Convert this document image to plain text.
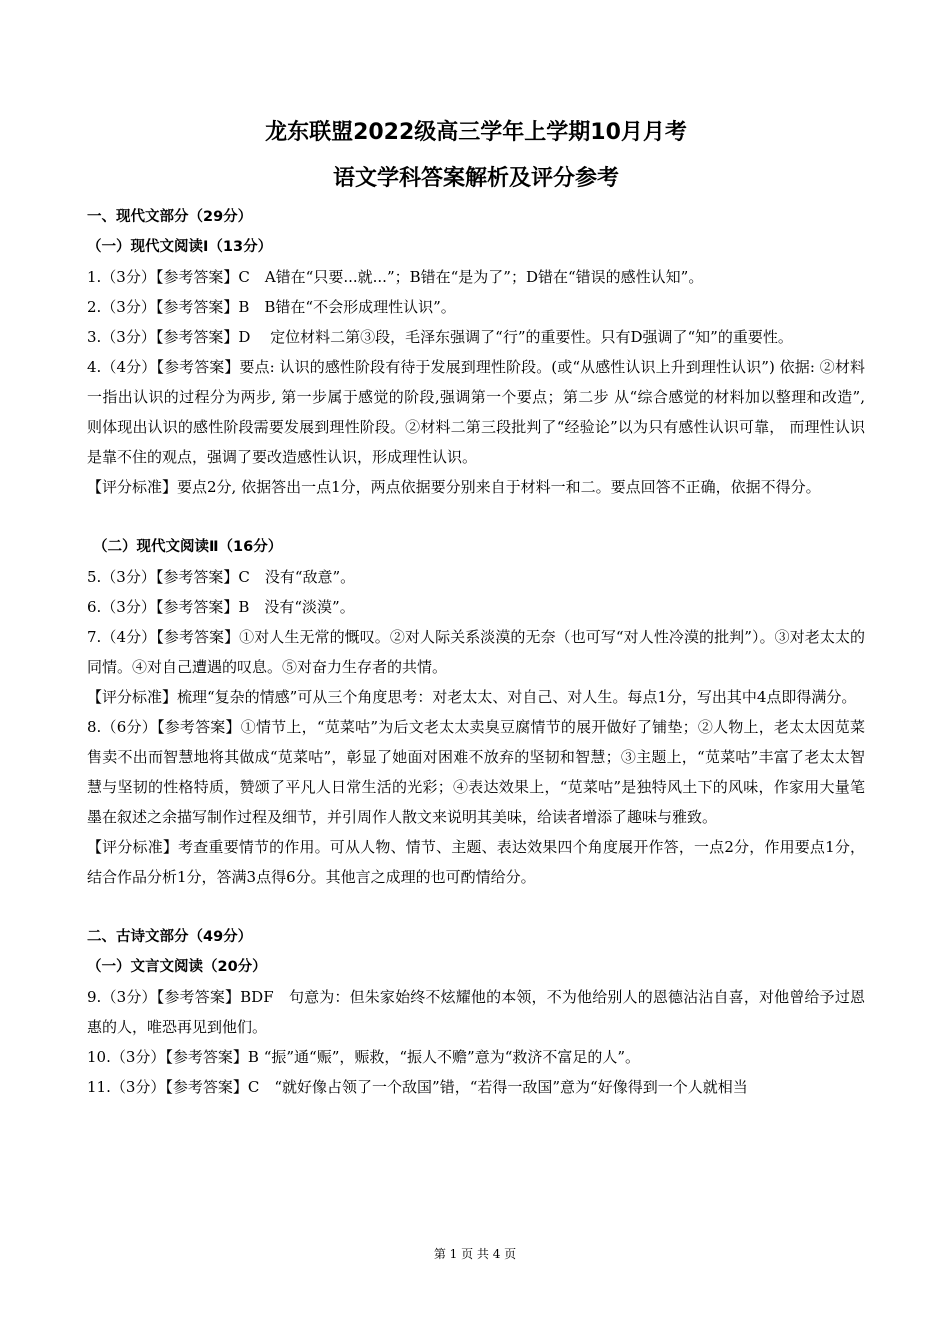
龙东联盟2022级高三学年上学期10月月考
语文学科答案解析及评分参考
一、现代文部分（29分）
（一）现代文阅读Ⅰ（13分）
1.（3分）【参考答案】C　A错在“只要...就...”；B错在“是为了”；D错在“错误的感性认知”。
2.（3分）【参考答案】B　B错在“不会形成理性认识”。
3.（3分）【参考答案】D　 定位材料二第③段，毛泽东强调了“行”的重要性。只有D强调了“知”的重要性。
4.（4分）【参考答案】要点: 认识的感性阶段有待于发展到理性阶段。(或“从感性认识上升到理性认识”) 依据: ②材料一指出认识的过程分为两步, 第一步属于感觉的阶段,强调第一个要点；第二步 从“综合感觉的材料加以整理和改造”, 则体现出认识的感性阶段需要发展到理性阶段。②材料二第三段批判了“经验论”以为只有感性认识可靠， 而理性认识是靠不住的观点，强调了要改造感性认识，形成理性认识。
【评分标准】要点2分, 依据答出一点1分，两点依据要分别来自于材料一和二。要点回答不正确，依据不得分。
（二）现代文阅读Ⅱ（16分）
5.（3分）【参考答案】C　没有“敌意”。
6.（3分）【参考答案】B　没有“淡漠”。
7.（4分）【参考答案】①对人生无常的慨叹。②对人际关系淡漠的无奈（也可写“对人性冷漠的批判”）。③对老太太的同情。④对自己遭遇的叹息。⑤对奋力生存者的共情。
【评分标准】梳理“复杂的情感”可从三个角度思考：对老太太、对自己、对人生。每点1分，写出其中4点即得满分。
8.（6分）【参考答案】①情节上，“苋菜咕”为后文老太太卖臭豆腐情节的展开做好了铺垫；②人物上，老太太因苋菜售卖不出而智慧地将其做成“苋菜咕”，彰显了她面对困难不放弃的坚韧和智慧；③主题上，“苋菜咕”丰富了老太太智慧与坚韧的性格特质，赞颂了平凡人日常生活的光彩；④表达效果上，“苋菜咕”是独特风土下的风味，作家用大量笔墨在叙述之余描写制作过程及细节，并引周作人散文来说明其美味，给读者增添了趣味与雅致。
【评分标准】考查重要情节的作用。可从人物、情节、主题、表达效果四个角度展开作答，一点2分，作用要点1分，结合作品分析1分，答满3点得6分。其他言之成理的也可酌情给分。
二、古诗文部分（49分）
（一）文言文阅读（20分）
9.（3分）【参考答案】BDF　句意为：但朱家始终不炫耀他的本领，不为他给别人的恩德沾沾自喜，对他曾给予过恩惠的人，唯恐再见到他们。
10.（3分）【参考答案】B “振”通“赈”，赈救，“振人不赡”意为“救济不富足的人”。
11.（3分）【参考答案】C　“就好像占领了一个敌国”错，“若得一敌国”意为“好像得到一个人就相当
第 1 页 共 4 页
